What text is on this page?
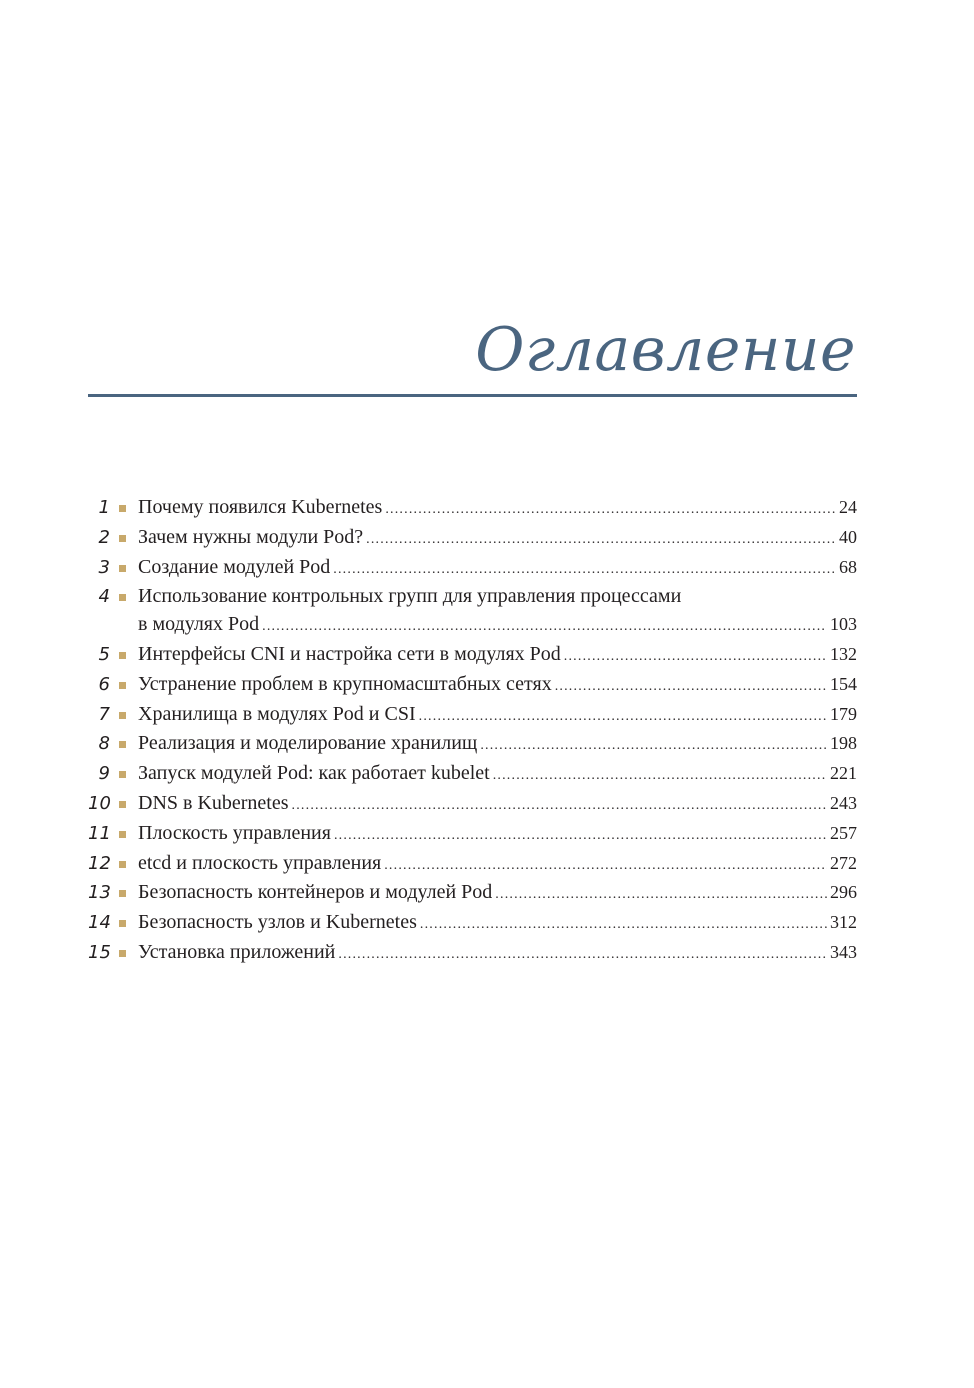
Оглавление
1 Почему появился Kubernetes .....	24
2 Зачем нужны модули Pod? .....	40
3 Создание модулей Pod .....	68
4 Использование контрольных групп для управления процессами
в модулях Pod .....	103
5 Интерфейсы CNI и настройка сети в модулях Pod .....	132
6 Устранение проблем в крупномасштабных сетях .....	154
7 Хранилища в модулях Pod и CSI .....	179
8 Реализация и моделирование хранилищ .....	198
9 Запуск модулей Pod: как работает kubelet .....	221
10 DNS в Kubernetes .....	243
11 Плоскость управления .....	257
12 etcd и плоскость управления .....	272
13 Безопасность контейнеров и модулей Pod .....	296
14 Безопасность узлов и Kubernetes .....	312
15 Установка приложений .....	343
